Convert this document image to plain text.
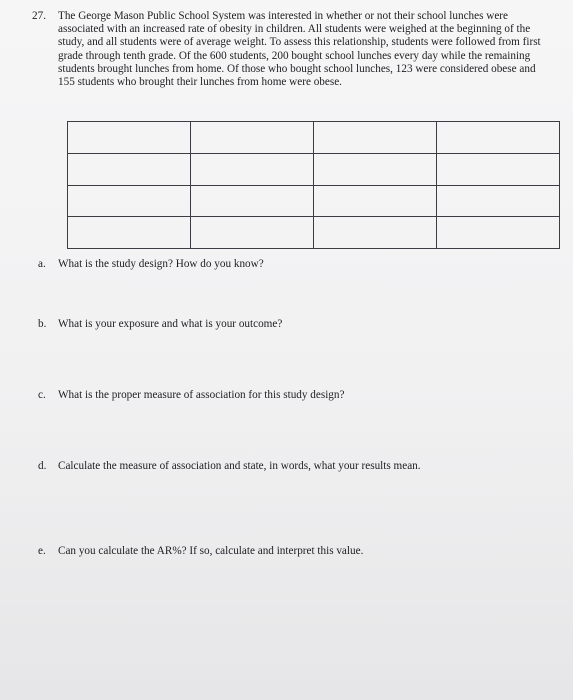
27.	The George Mason Public School System was interested in whether or not their school lunches were associated with an increased rate of obesity in children. All students were weighed at the beginning of the study, and all students were of average weight. To assess this relationship, students were followed from first grade through tenth grade. Of the 600 students, 200 bought school lunches every day while the remaining students brought lunches from home. Of those who bought school lunches, 123 were considered obese and 155 students who brought their lunches from home were obese.

a. What is the study design? How do you know?
b. What is your exposure and what is your outcome?
c. What is the proper measure of association for this study design?
d. Calculate the measure of association and state, in words, what your results mean.
e. Can you calculate the AR%? If so, calculate and interpret this value.
